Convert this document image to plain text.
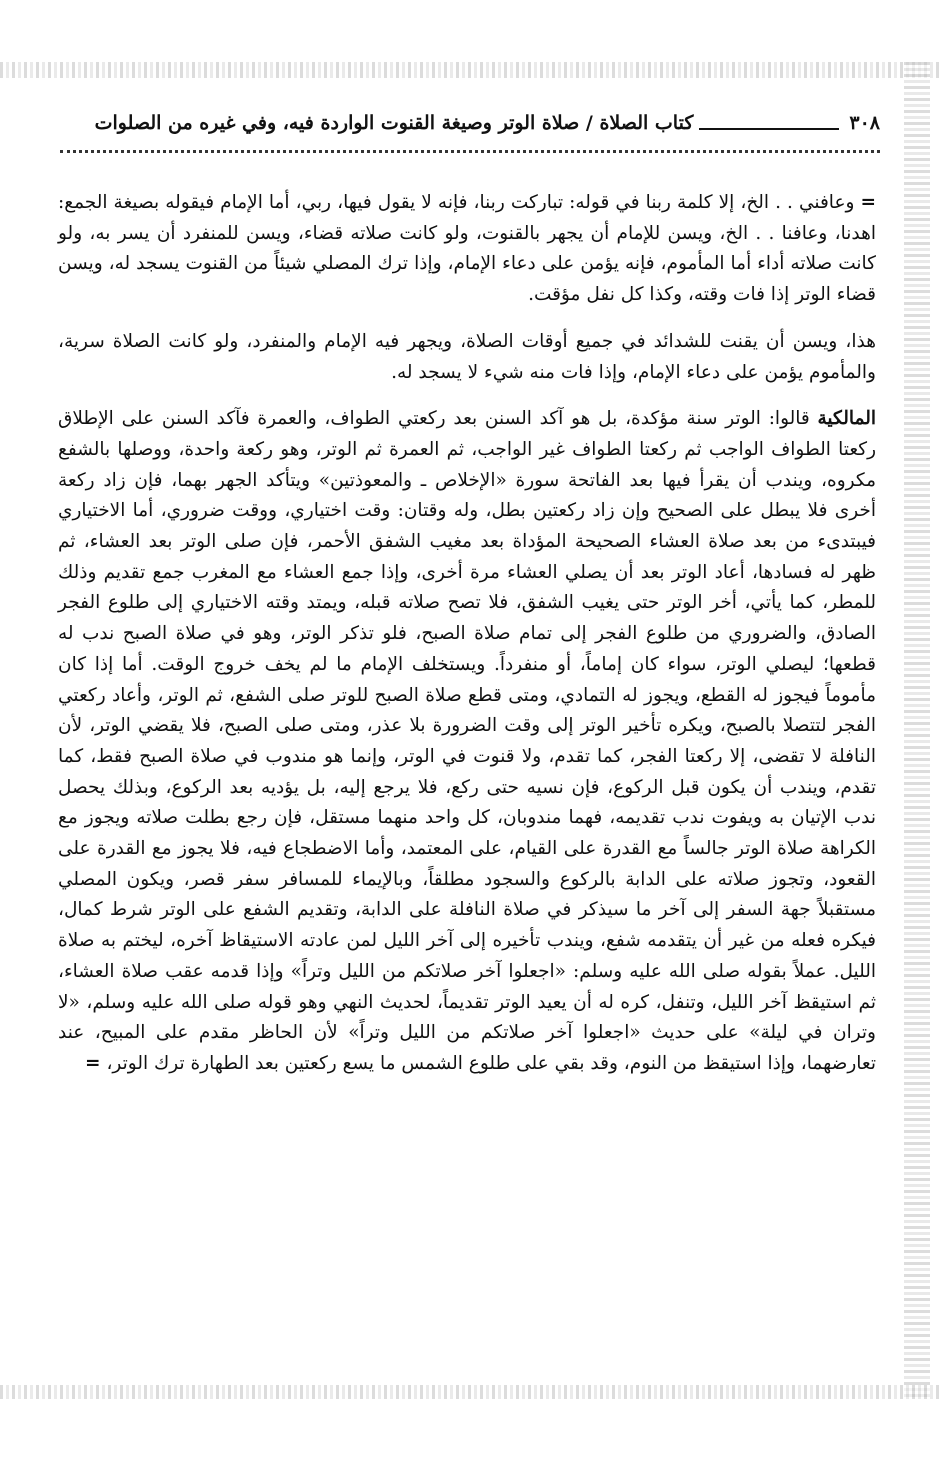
٣٠٨
كتاب الصلاة / صلاة الوتر وصيغة القنوت الواردة فيه، وفي غيره من الصلوات

= وعافني . . الخ، إلا كلمة ربنا في قوله: تباركت ربنا، فإنه لا يقول فيها، ربي، أما الإمام فيقوله بصيغة الجمع: اهدنا، وعافنا . . الخ، ويسن للإمام أن يجهر بالقنوت، ولو كانت صلاته قضاء، ويسن للمنفرد أن يسر به، ولو كانت صلاته أداء أما المأموم، فإنه يؤمن على دعاء الإمام، وإذا ترك المصلي شيئاً من القنوت يسجد له، ويسن قضاء الوتر إذا فات وقته، وكذا كل نفل مؤقت.

هذا، ويسن أن يقنت للشدائد في جميع أوقات الصلاة، ويجهر فيه الإمام والمنفرد، ولو كانت الصلاة سرية، والمأموم يؤمن على دعاء الإمام، وإذا فات منه شيء لا يسجد له.

المالكية قالوا: الوتر سنة مؤكدة، بل هو آكد السنن بعد ركعتي الطواف، والعمرة فآكد السنن على الإطلاق ركعتا الطواف الواجب ثم ركعتا الطواف غير الواجب، ثم العمرة ثم الوتر، وهو ركعة واحدة، ووصلها بالشفع مكروه، ويندب أن يقرأ فيها بعد الفاتحة سورة «الإخلاص ـ والمعوذتين» ويتأكد الجهر بهما، فإن زاد ركعة أخرى فلا يبطل على الصحيح وإن زاد ركعتين بطل، وله وقتان: وقت اختياري، ووقت ضروري، أما الاختياري فيبتدىء من بعد صلاة العشاء الصحيحة المؤداة بعد مغيب الشفق الأحمر، فإن صلى الوتر بعد العشاء، ثم ظهر له فسادها، أعاد الوتر بعد أن يصلي العشاء مرة أخرى، وإذا جمع العشاء مع المغرب جمع تقديم وذلك للمطر، كما يأتي، أخر الوتر حتى يغيب الشفق، فلا تصح صلاته قبله، ويمتد وقته الاختياري إلى طلوع الفجر الصادق، والضروري من طلوع الفجر إلى تمام صلاة الصبح، فلو تذكر الوتر، وهو في صلاة الصبح ندب له قطعها؛ ليصلي الوتر، سواء كان إماماً، أو منفرداً. ويستخلف الإمام ما لم يخف خروج الوقت. أما إذا كان مأموماً فيجوز له القطع، ويجوز له التمادي، ومتى قطع صلاة الصبح للوتر صلى الشفع، ثم الوتر، وأعاد ركعتي الفجر لتتصلا بالصبح، ويكره تأخير الوتر إلى وقت الضرورة بلا عذر، ومتى صلى الصبح، فلا يقضي الوتر، لأن النافلة لا تقضى، إلا ركعتا الفجر، كما تقدم، ولا قنوت في الوتر، وإنما هو مندوب في صلاة الصبح فقط، كما تقدم، ويندب أن يكون قبل الركوع، فإن نسيه حتى ركع، فلا يرجع إليه، بل يؤديه بعد الركوع، وبذلك يحصل ندب الإتيان به ويفوت ندب تقديمه، فهما مندوبان، كل واحد منهما مستقل، فإن رجع بطلت صلاته ويجوز مع الكراهة صلاة الوتر جالساً مع القدرة على القيام، على المعتمد، وأما الاضطجاع فيه، فلا يجوز مع القدرة على القعود، وتجوز صلاته على الدابة بالركوع والسجود مطلقاً، وبالإيماء للمسافر سفر قصر، ويكون المصلي مستقبلاً جهة السفر إلى آخر ما سيذكر في صلاة النافلة على الدابة، وتقديم الشفع على الوتر شرط كمال، فيكره فعله من غير أن يتقدمه شفع، ويندب تأخيره إلى آخر الليل لمن عادته الاستيقاظ آخره، ليختم به صلاة الليل. عملاً بقوله صلى الله عليه وسلم: «اجعلوا آخر صلاتكم من الليل وتراً» وإذا قدمه عقب صلاة العشاء، ثم استيقظ آخر الليل، وتنفل، كره له أن يعيد الوتر تقديماً، لحديث النهي وهو قوله صلى الله عليه وسلم، «لا وتران في ليلة» على حديث «اجعلوا آخر صلاتكم من الليل وتراً» لأن الحاظر مقدم على المبيح، عند تعارضهما، وإذا استيقظ من النوم، وقد بقي على طلوع الشمس ما يسع ركعتين بعد الطهارة ترك الوتر، =
